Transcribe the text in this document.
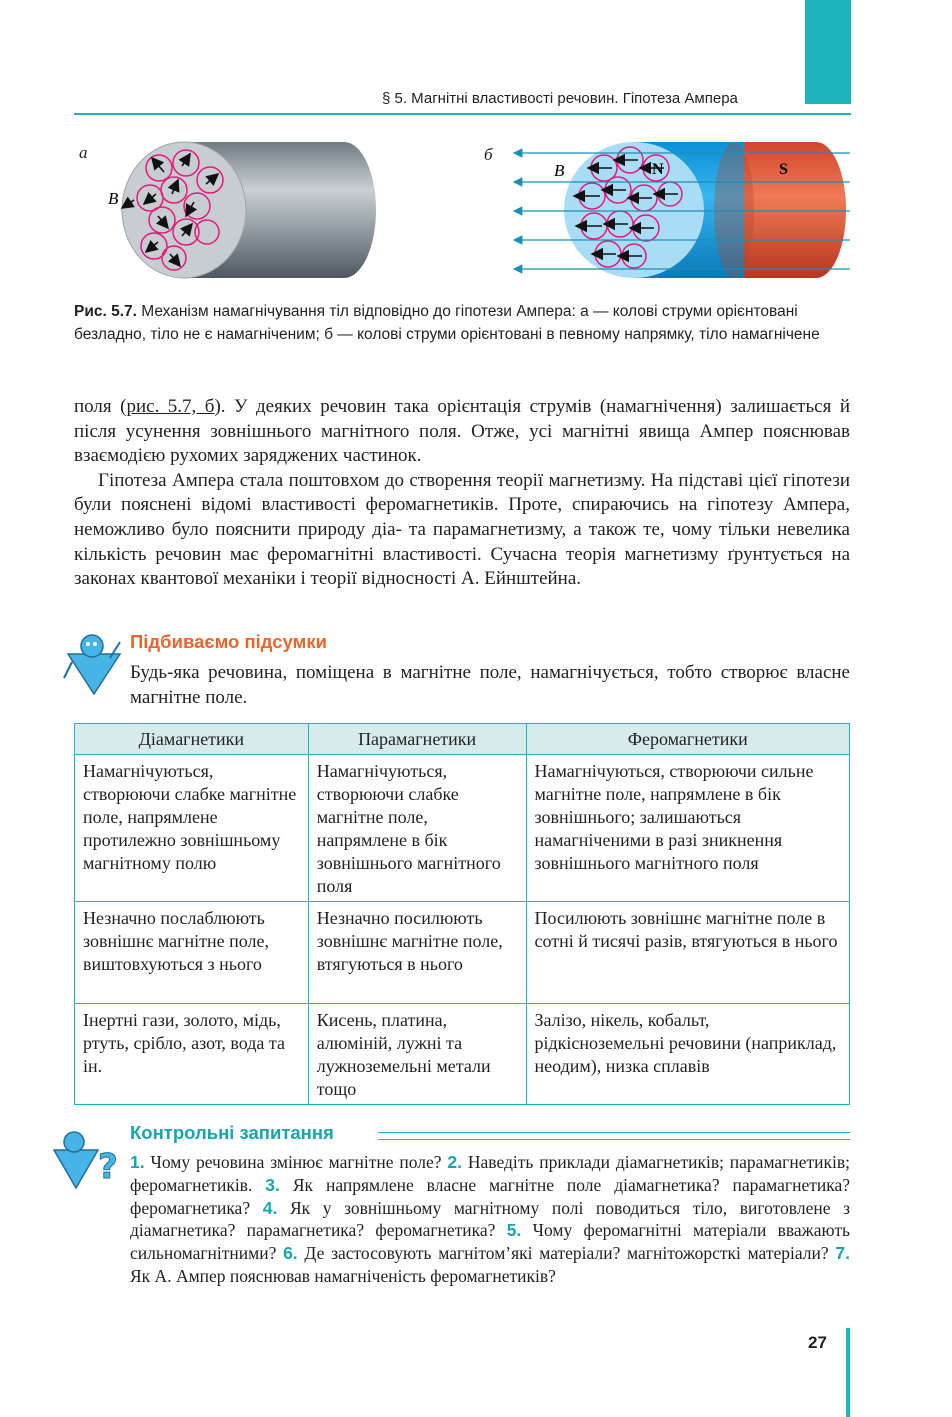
§ 5. Магнітні властивості речовин. Гіпотеза Ампера
а	б
B
B	N	S
Рис. 5.7. Механізм намагнічування тіл відповідно до гіпотези Ампера: а — колові струми орієнтовані безладно, тіло не є намагніченим; б — колові струми орієнтовані в певному напрямку, тіло намагнічене

поля (рис. 5.7, б). У деяких речовин така орієнтація струмів (намагнічення) залишається й після усунення зовнішнього магнітного поля. Отже, усі магнітні явища Ампер пояснював взаємодією рухомих заряджених частинок.

Гіпотеза Ампера стала поштовхом до створення теорії магнетизму. На підставі цієї гіпотези були пояснені відомі властивості феромагнетиків. Проте, спираючись на гіпотезу Ампера, неможливо було пояснити природу діа- та парамагнетизму, а також те, чому тільки невелика кількість речовин має феромагнітні властивості. Сучасна теорія магнетизму ґрунтується на законах квантової механіки і теорії відносності А. Ейнштейна.

Підбиваємо підсумки
Будь-яка речовина, поміщена в магнітне поле, намагнічується, тобто створює власне магнітне поле.
Діамагнетики	Парамагнетики	Феромагнетики
Намагнічуються, створюючи слабке магнітне поле, напрямлене протилежно зовнішньому магнітному полю	Намагнічуються, створюючи слабке магнітне поле, напрямлене в бік зовнішнього магнітного поля	Намагнічуються, створюючи сильне магнітне поле, напрямлене в бік зовнішнього; залишаються намагніченими в разі зникнення зовнішнього магнітного поля
Незначно послаблюють зовнішнє магнітне поле, виштовхуються з нього	Незначно посилюють зовнішнє магнітне поле, втягуються в нього	Посилюють зовнішнє магнітне поле в сотні й тисячі разів, втягуються в нього
Інертні гази, золото, мідь, ртуть, срібло, азот, вода та ін.	Кисень, платина, алюміній, лужні та лужноземельні метали тощо	Залізо, нікель, кобальт, рідкісноземельні речовини (наприклад, неодим), низка сплавів
?
Контрольні запитання
1. Чому речовина змінює магнітне поле? 2. Наведіть приклади діамагнетиків; парамагнетиків; феромагнетиків. 3. Як напрямлене власне магнітне поле діамагнетика? парамагнетика? феромагнетика? 4. Як у зовнішньому магнітному полі поводиться тіло, виготовлене з діамагнетика? парамагнетика? феромагнетика? 5. Чому феромагнітні матеріали вважають сильномагнітними? 6. Де застосовують магнітом’які матеріали? магнітожорсткі матеріали? 7. Як А. Ампер пояснював намагніченість феромагнетиків?
27
